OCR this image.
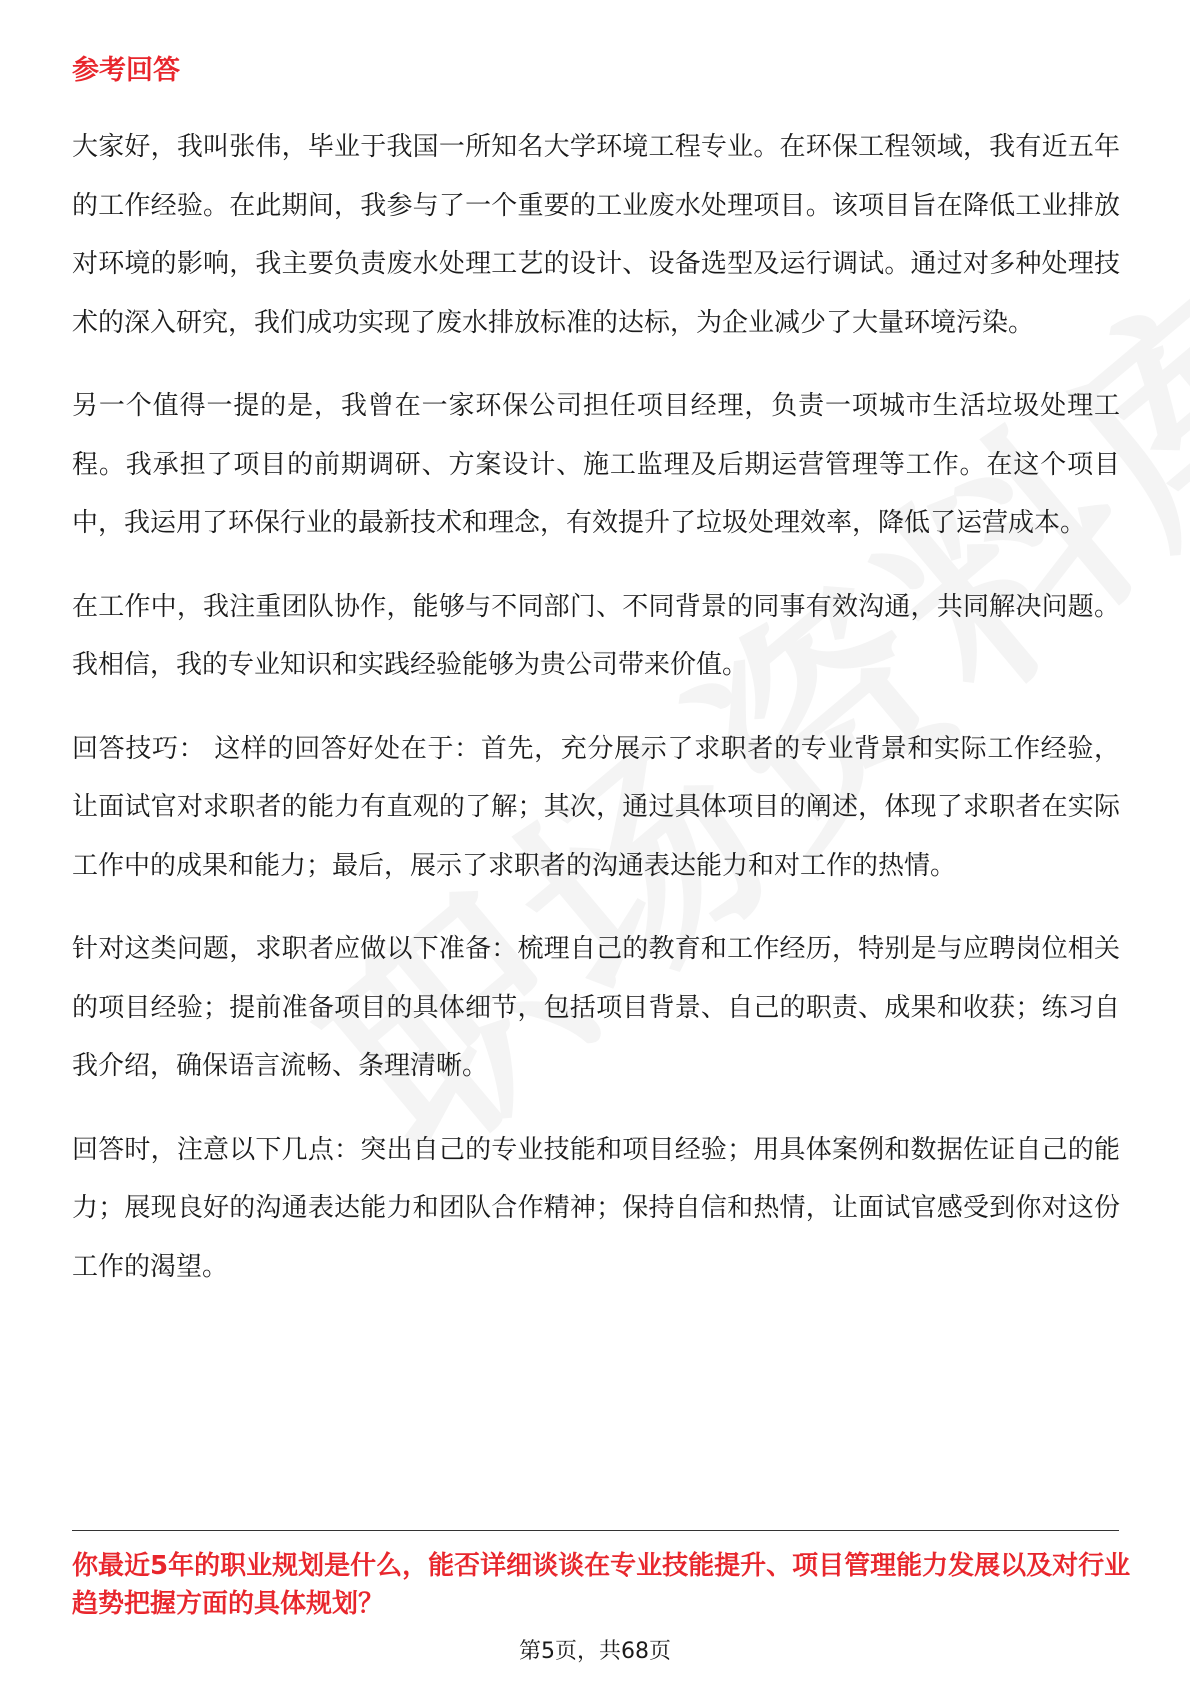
参考回答

大家好，我叫张伟，毕业于我国一所知名大学环境工程专业。在环保工程领域，我有近五年的工作经验。在此期间，我参与了一个重要的工业废水处理项目。该项目旨在降低工业排放对环境的影响，我主要负责废水处理工艺的设计、设备选型及运行调试。通过对多种处理技术的深入研究，我们成功实现了废水排放标准的达标，为企业减少了大量环境污染。

另一个值得一提的是，我曾在一家环保公司担任项目经理，负责一项城市生活垃圾处理工程。我承担了项目的前期调研、方案设计、施工监理及后期运营管理等工作。在这个项目中，我运用了环保行业的最新技术和理念，有效提升了垃圾处理效率，降低了运营成本。

在工作中，我注重团队协作，能够与不同部门、不同背景的同事有效沟通，共同解决问题。我相信，我的专业知识和实践经验能够为贵公司带来价值。

回答技巧： 这样的回答好处在于：首先，充分展示了求职者的专业背景和实际工作经验，让面试官对求职者的能力有直观的了解；其次，通过具体项目的阐述，体现了求职者在实际工作中的成果和能力；最后，展示了求职者的沟通表达能力和对工作的热情。

针对这类问题，求职者应做以下准备：梳理自己的教育和工作经历，特别是与应聘岗位相关的项目经验；提前准备项目的具体细节，包括项目背景、自己的职责、成果和收获；练习自我介绍，确保语言流畅、条理清晰。

回答时，注意以下几点：突出自己的专业技能和项目经验；用具体案例和数据佐证自己的能力；展现良好的沟通表达能力和团队合作精神；保持自信和热情，让面试官感受到你对这份工作的渴望。

你最近5年的职业规划是什么，能否详细谈谈在专业技能提升、项目管理能力发展以及对行业趋势把握方面的具体规划？
第5页，共68页
